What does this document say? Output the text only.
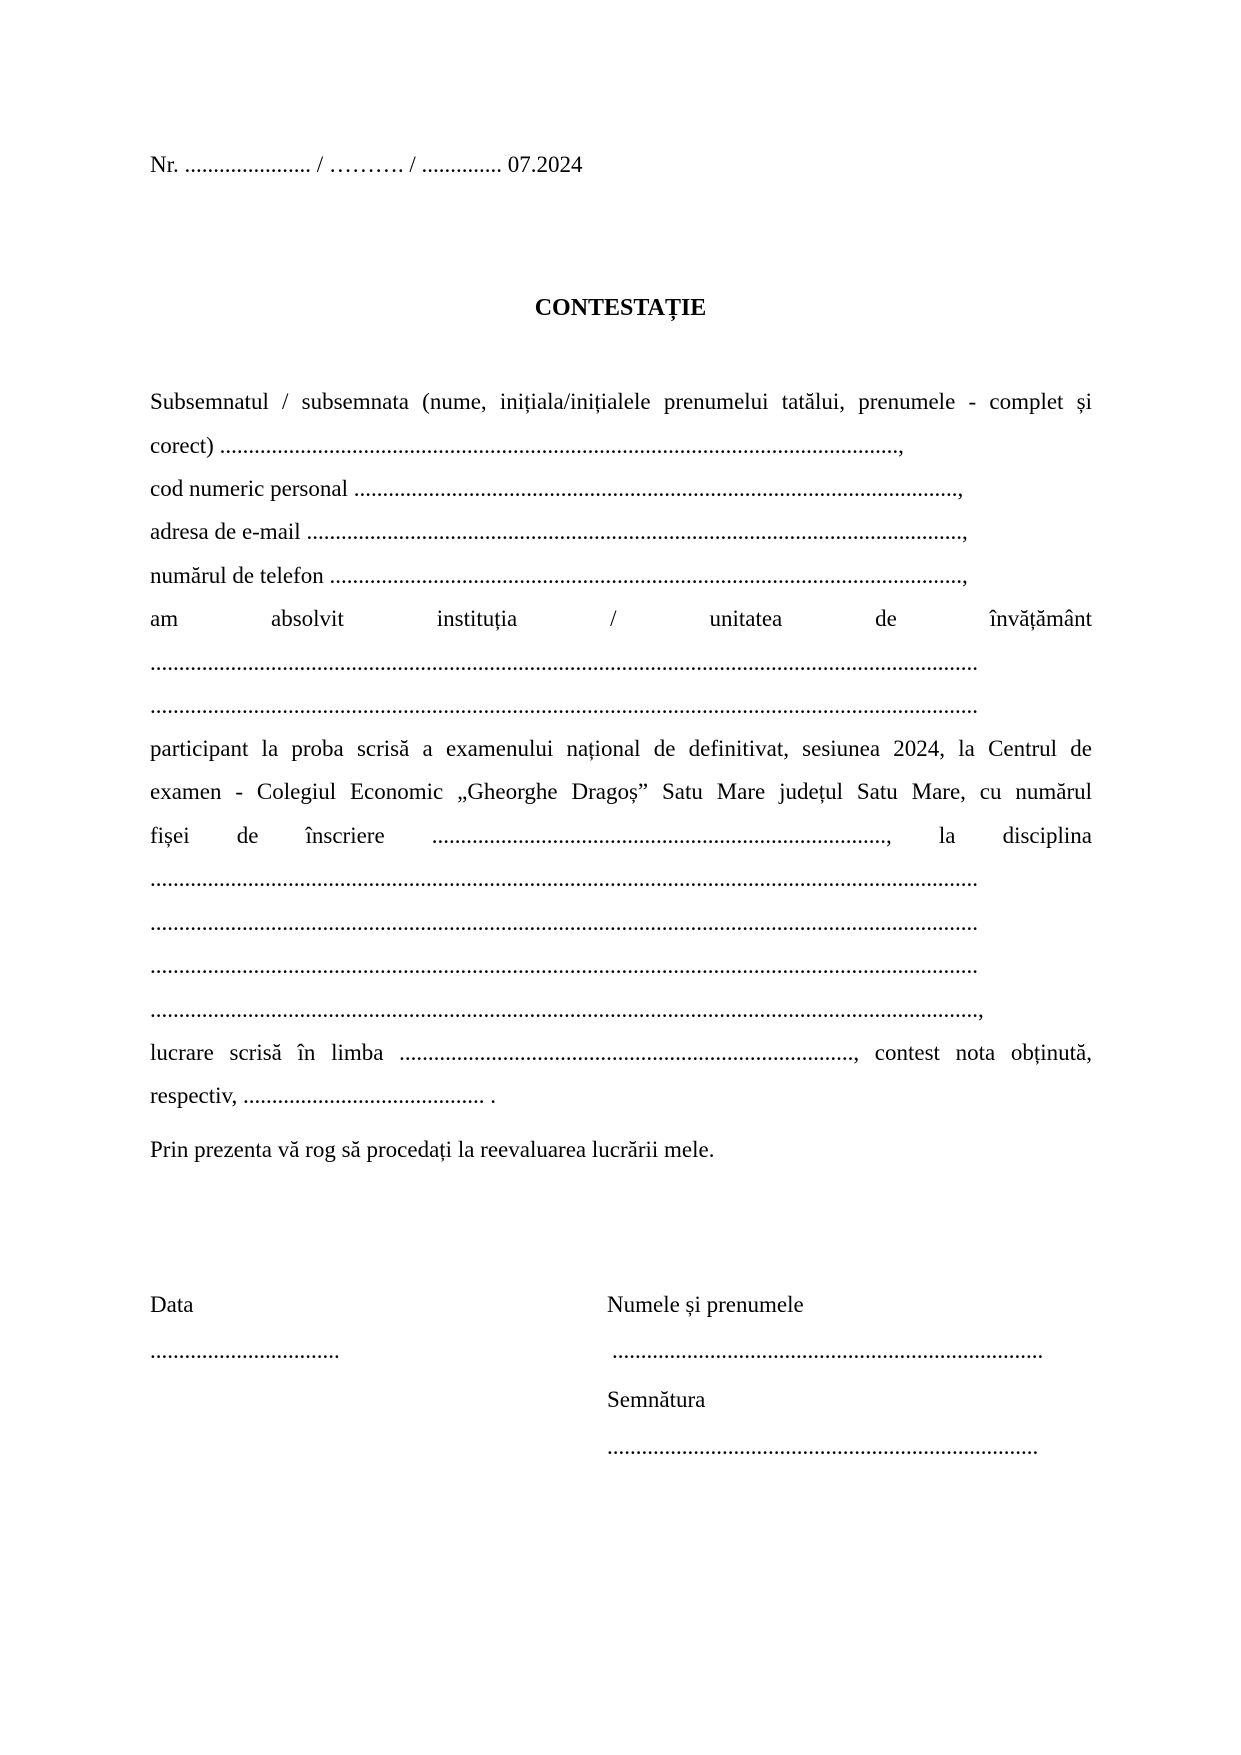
Nr. ...................... / ………. / .............. 07.2024
CONTESTAȚIE
Subsemnatul / subsemnata (nume, inițiala/inițialele prenumelui tatălui, prenumele - complet și
corect) ......................................................................................................................,
cod numeric personal .........................................................................................................,
adresa de e-mail ..................................................................................................................,
numărul de telefon ..............................................................................................................,
am absolvit instituția / unitatea de învățământ
................................................................................................................................................
................................................................................................................................................
participant la proba scrisă a examenului național de definitivat, sesiunea 2024, la Centrul de
examen - Colegiul Economic „Gheorghe Dragoș” Satu Mare județul Satu Mare, cu numărul
fișei de înscriere ..............................................................................., la disciplina
................................................................................................................................................
................................................................................................................................................
................................................................................................................................................
................................................................................................................................................,
lucrare scrisă în limba ..............................................................................., contest nota obținută,
respectiv, .......................................... .
Prin prezenta vă rog să procedați la reevaluarea lucrării mele.
Data	Numele și prenumele
.................................	...........................................................................
Semnătura
...........................................................................
